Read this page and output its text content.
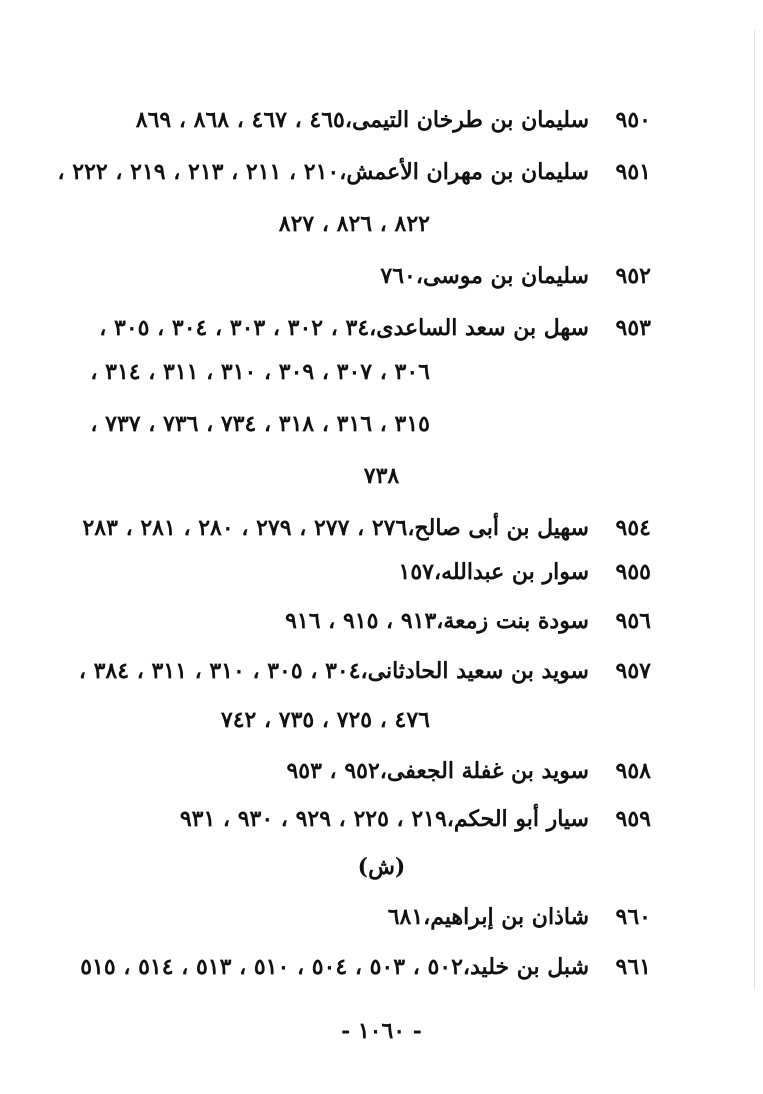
٩٥٠سليمان بن طرخان التيمى،٤٦٥ ، ٤٦٧ ، ٨٦٨ ، ٨٦٩
٩٥١سليمان بن مهران الأعمش،٢١٠ ، ٢١١ ، ٢١٣ ، ٢١٩ ، ٢٢٢ ،
٨٢٢ ، ٨٢٦ ، ٨٢٧
٩٥٢سليمان بن موسى،٧٦٠
٩٥٣سهل بن سعد الساعدى،٣٤ ، ٣٠٢ ، ٣٠٣ ، ٣٠٤ ، ٣٠٥ ،
٣٠٦ ، ٣٠٧ ، ٣٠٩ ، ٣١٠ ، ٣١١ ، ٣١٤ ،
٣١٥ ، ٣١٦ ، ٣١٨ ، ٧٣٤ ، ٧٣٦ ، ٧٣٧ ،
٧٣٨
٩٥٤سهيل بن أبى صالح،٢٧٦ ، ٢٧٧ ، ٢٧٩ ، ٢٨٠ ، ٢٨١ ، ٢٨٣
٩٥٥سوار بن عبدالله،١٥٧
٩٥٦سودة بنت زمعة،٩١٣ ، ٩١٥ ، ٩١٦
٩٥٧سويد بن سعيد الحادثانى،٣٠٤ ، ٣٠٥ ، ٣١٠ ، ٣١١ ، ٣٨٤ ،
٤٧٦ ، ٧٢٥ ، ٧٣٥ ، ٧٤٢
٩٥٨سويد بن غفلة الجعفى،٩٥٢ ، ٩٥٣
٩٥٩سيار أبو الحكم،٢١٩ ، ٢٢٥ ، ٩٢٩ ، ٩٣٠ ، ٩٣١
(ش)
٩٦٠شاذان بن إبراهيم،٦٨١
٩٦١شبل بن خليد،٥٠٢ ، ٥٠٣ ، ٥٠٤ ، ٥١٠ ، ٥١٣ ، ٥١٤ ، ٥١٥
- ١٠٦٠ -
